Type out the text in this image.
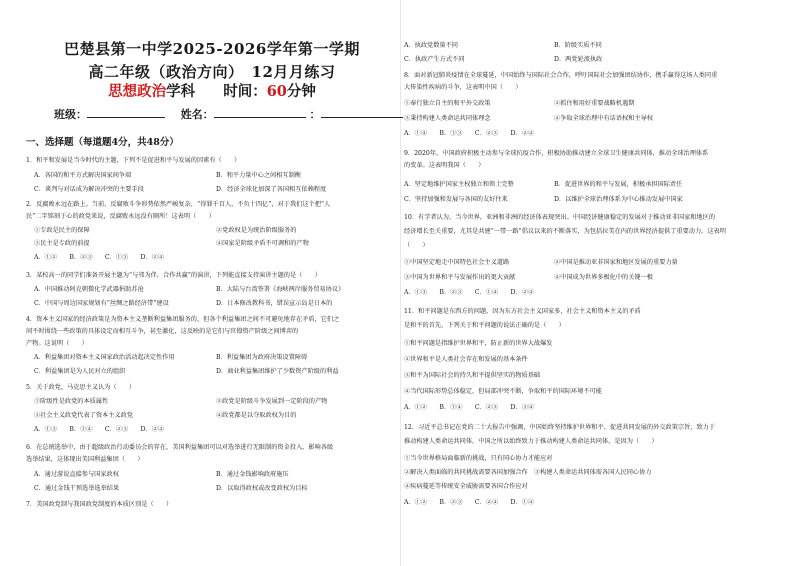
巴楚县第一中学2025-2026学年第一学期
高二年级（政治方向）　12月月练习
思想政治学科 时间：60分钟
班级：	姓名：	：
一、选择题（每道题4分，共48分）
1．和平和发展是当今时代的主题，下列不是促进和平与发展的因素有（　　）
A．各国的和平方式解决国家间争端	B．和平力量中心之间相互制衡
C．谈判与对话成为解决冲突的主要手段	D．经济全球化加深了各国相互依赖程度
2．反腐败永远在路上。当前，反腐败斗争形势依然严峻复杂，“得罪千百人，不负十四亿”，对于我们这个把“人
民”二字铭刻于心的政党来说，反腐败永远没有厕所！这表明（　　）
①专政是民主的保障	②党政权是为统治阶级服务的
③民主是专政的前提	④国家是阶级矛盾不可调和的产物
A．①②　　B．②③　　C．①③　　D．②④
3．某校高一的同学们准备开展主题为“与邻为伴，合作共赢”的演讲，下列能直接支持演讲主题的是（　　）
A．中国推动阿克朝微化学武器捐助苏沧	B．大陆与台湾签署《海峡两岸服务贸易协议》
C．中国与周边国家规划有“丝绸之路经济带”建设	D．日本修改教科书，错误宣示岛是日本的
4．资本主义国家的经济政策是为资本主义垄断利益集团服务的，但各个利益集团之间不可避免地存在矛盾，它们之
间不时围绕一些政策的具体设定而相互斗争，甚至激化，这反映的是它们与官僚资产阶级之间博弈的
产物。这说明（　　）
A．利益集团对资本主义国家政治活动起决定性作用	B．利益集团为政府决策设置障碍
C．利益集团是为人民对立的组织	D．商业利益集团维护了少数资产阶级的利益
5．关于政党，马克思主义认为（　　）
①阶级性是政党的本质属性	②政党是阶级斗争发展到一定阶段的产物
③社会主义政党代表了资本主义政党	④政党都是以夺取政权为目的
A．①③　　B．①④　　C．②③　　D．②④
6．在总统选举中，由于超级政治行动委员会的存在，美国利益集团可以对选举进行无限制的资金投入，影响各级
选举结果，这体现出美国利益集团（　　）
A．通过游说直接参与国家政权	B．通过金钱影响政府施压
C．通过金钱干预选举选举结果	D．以取得政权或改变政权为目标
7．美国政党制与我国政党制度的本质区别是（　　）
A．执政党数量不同	B．阶级实质不同
C．执政产生方式不同	D．两党轮流执政
8．面对新冠肺炎疫情在全球蔓延，中国始终与国际社会合作，呼吁国际社会加强团结协作，携手赢得这场人类同重
大传染性疾病的斗争，这表明中国（　　）
①奉行独立自主的和平外交政策	②抓住和用好重要战略机遇期
③秉持构建人类命运共同体理念	④争取全球治理中有话语权和主导权
A．①④　　B．①③　　C．②③　　D．②④
9．2020年，中国政府积极主动参与全球抗疫合作，积极协助推动建立全球卫生健康共同体，推动全球治理体系
的变革。这表明我国（　　）
A．坚定地维护国家主权独立和领土完整	B．促进世界的和平与发展，积极承担国际责任
C．坚持加强和发展与各国的友好往来	D．以维护全球治理体系为中心推动发展中国家
10．有学者认为，当今世界，亚洲和非洲的经济体表现突出。中国经济健康稳定的发展对于推动亚非国家和地区的
经济增长至关重要，尤其是共建“一带一路”倡议以来的不断落实，为包括拉美在内的世界经济提供了重要动力。这表明
（　　）
①中国坚定地走中国特色社会主义道路	②中国是推动亚非国家和地区发展的重要力量
③中国为世界和平与发展作出的更大贡献	④中国成为世界多极化中的关键一极
A．①③　　B．②③　　C．①④　　D．②④
11．和平问题是东西方的问题，因为东方社会主义国家多，社会主义和资本主义的矛盾
是和平的首先，下列关于和平问题的说法正确的是（　　）
①和平问题是指维护世界和平，防止新的世界大战爆发
②世界和平是人类社会存在和发展的基本条件
③和平为国际社会的持久和平提供坚实的物质基础
④当代国际形势总体稳定，但局部冲突不断，争取和平的国际环境不可能
A．①②　　B．①④　　C．②③　　D．③④
12．习近平总书记在党的二十大报告中强调，中国始终坚持维护世界和平、促进共同发展的外交政策宗旨，致力于
推动构建人类命运共同体，中国之所以始终致力于推动构建人类命运共同体，是因为（　　）
①当今世界格局面临新的挑战，只有同心协力才能应对
②解决人类面临的共同挑战需要各国加强合作　③构建人类命运共同体需各国人民同心协力
④疾病蔓延等传统安全威胁需要各国合作应对
A．①②　　B．②③　　C．②④　　D．①④
